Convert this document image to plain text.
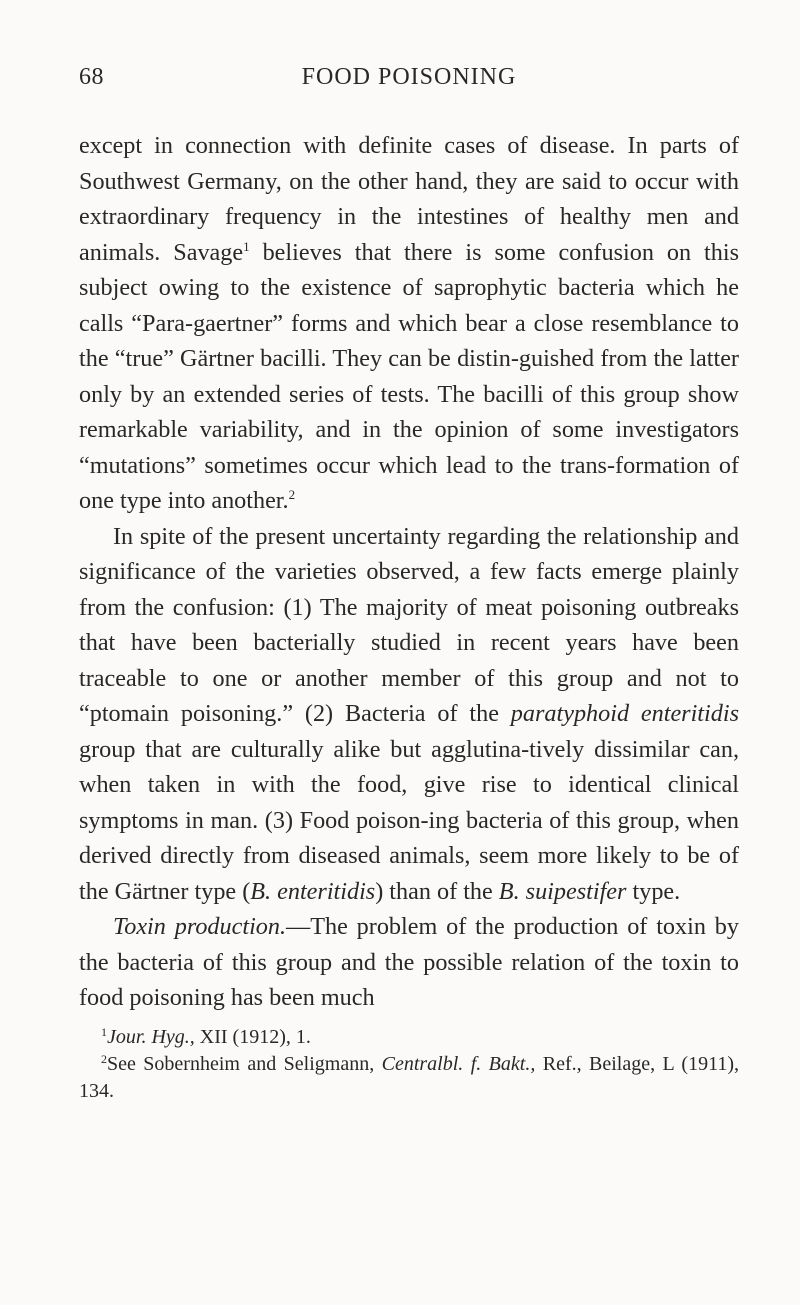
68	FOOD POISONING

except in connection with definite cases of disease. In parts of Southwest Germany, on the other hand, they are said to occur with extraordinary frequency in the intestines of healthy men and animals. Savage$^1$ believes that there is some confusion on this subject owing to the existence of saprophytic bacteria which he calls “Para-gaertner” forms and which bear a close resemblance to the “true” Gärtner bacilli. They can be distin-guished from the latter only by an extended series of tests. The bacilli of this group show remarkable variability, and in the opinion of some investigators “mutations” sometimes occur which lead to the trans-formation of one type into another.$^2$

In spite of the present uncertainty regarding the relationship and significance of the varieties observed, a few facts emerge plainly from the confusion: (1) The majority of meat poisoning outbreaks that have been bacterially studied in recent years have been traceable to one or another member of this group and not to “ptomain poisoning.” (2) Bacteria of the paratyphoid enteritidis group that are culturally alike but agglutina-tively dissimilar can, when taken in with the food, give rise to identical clinical symptoms in man. (3) Food poison-ing bacteria of this group, when derived directly from diseased animals, seem more likely to be of the Gärtner type (B. enteritidis) than of the B. suipestifer type.

Toxin production.—The problem of the production of toxin by the bacteria of this group and the possible relation of the toxin to food poisoning has been much

$^1$Jour. Hyg., XII (1912), 1.

$^2$See Sobernheim and Seligmann, Centralbl. f. Bakt., Ref., Beilage, L (1911), 134.
